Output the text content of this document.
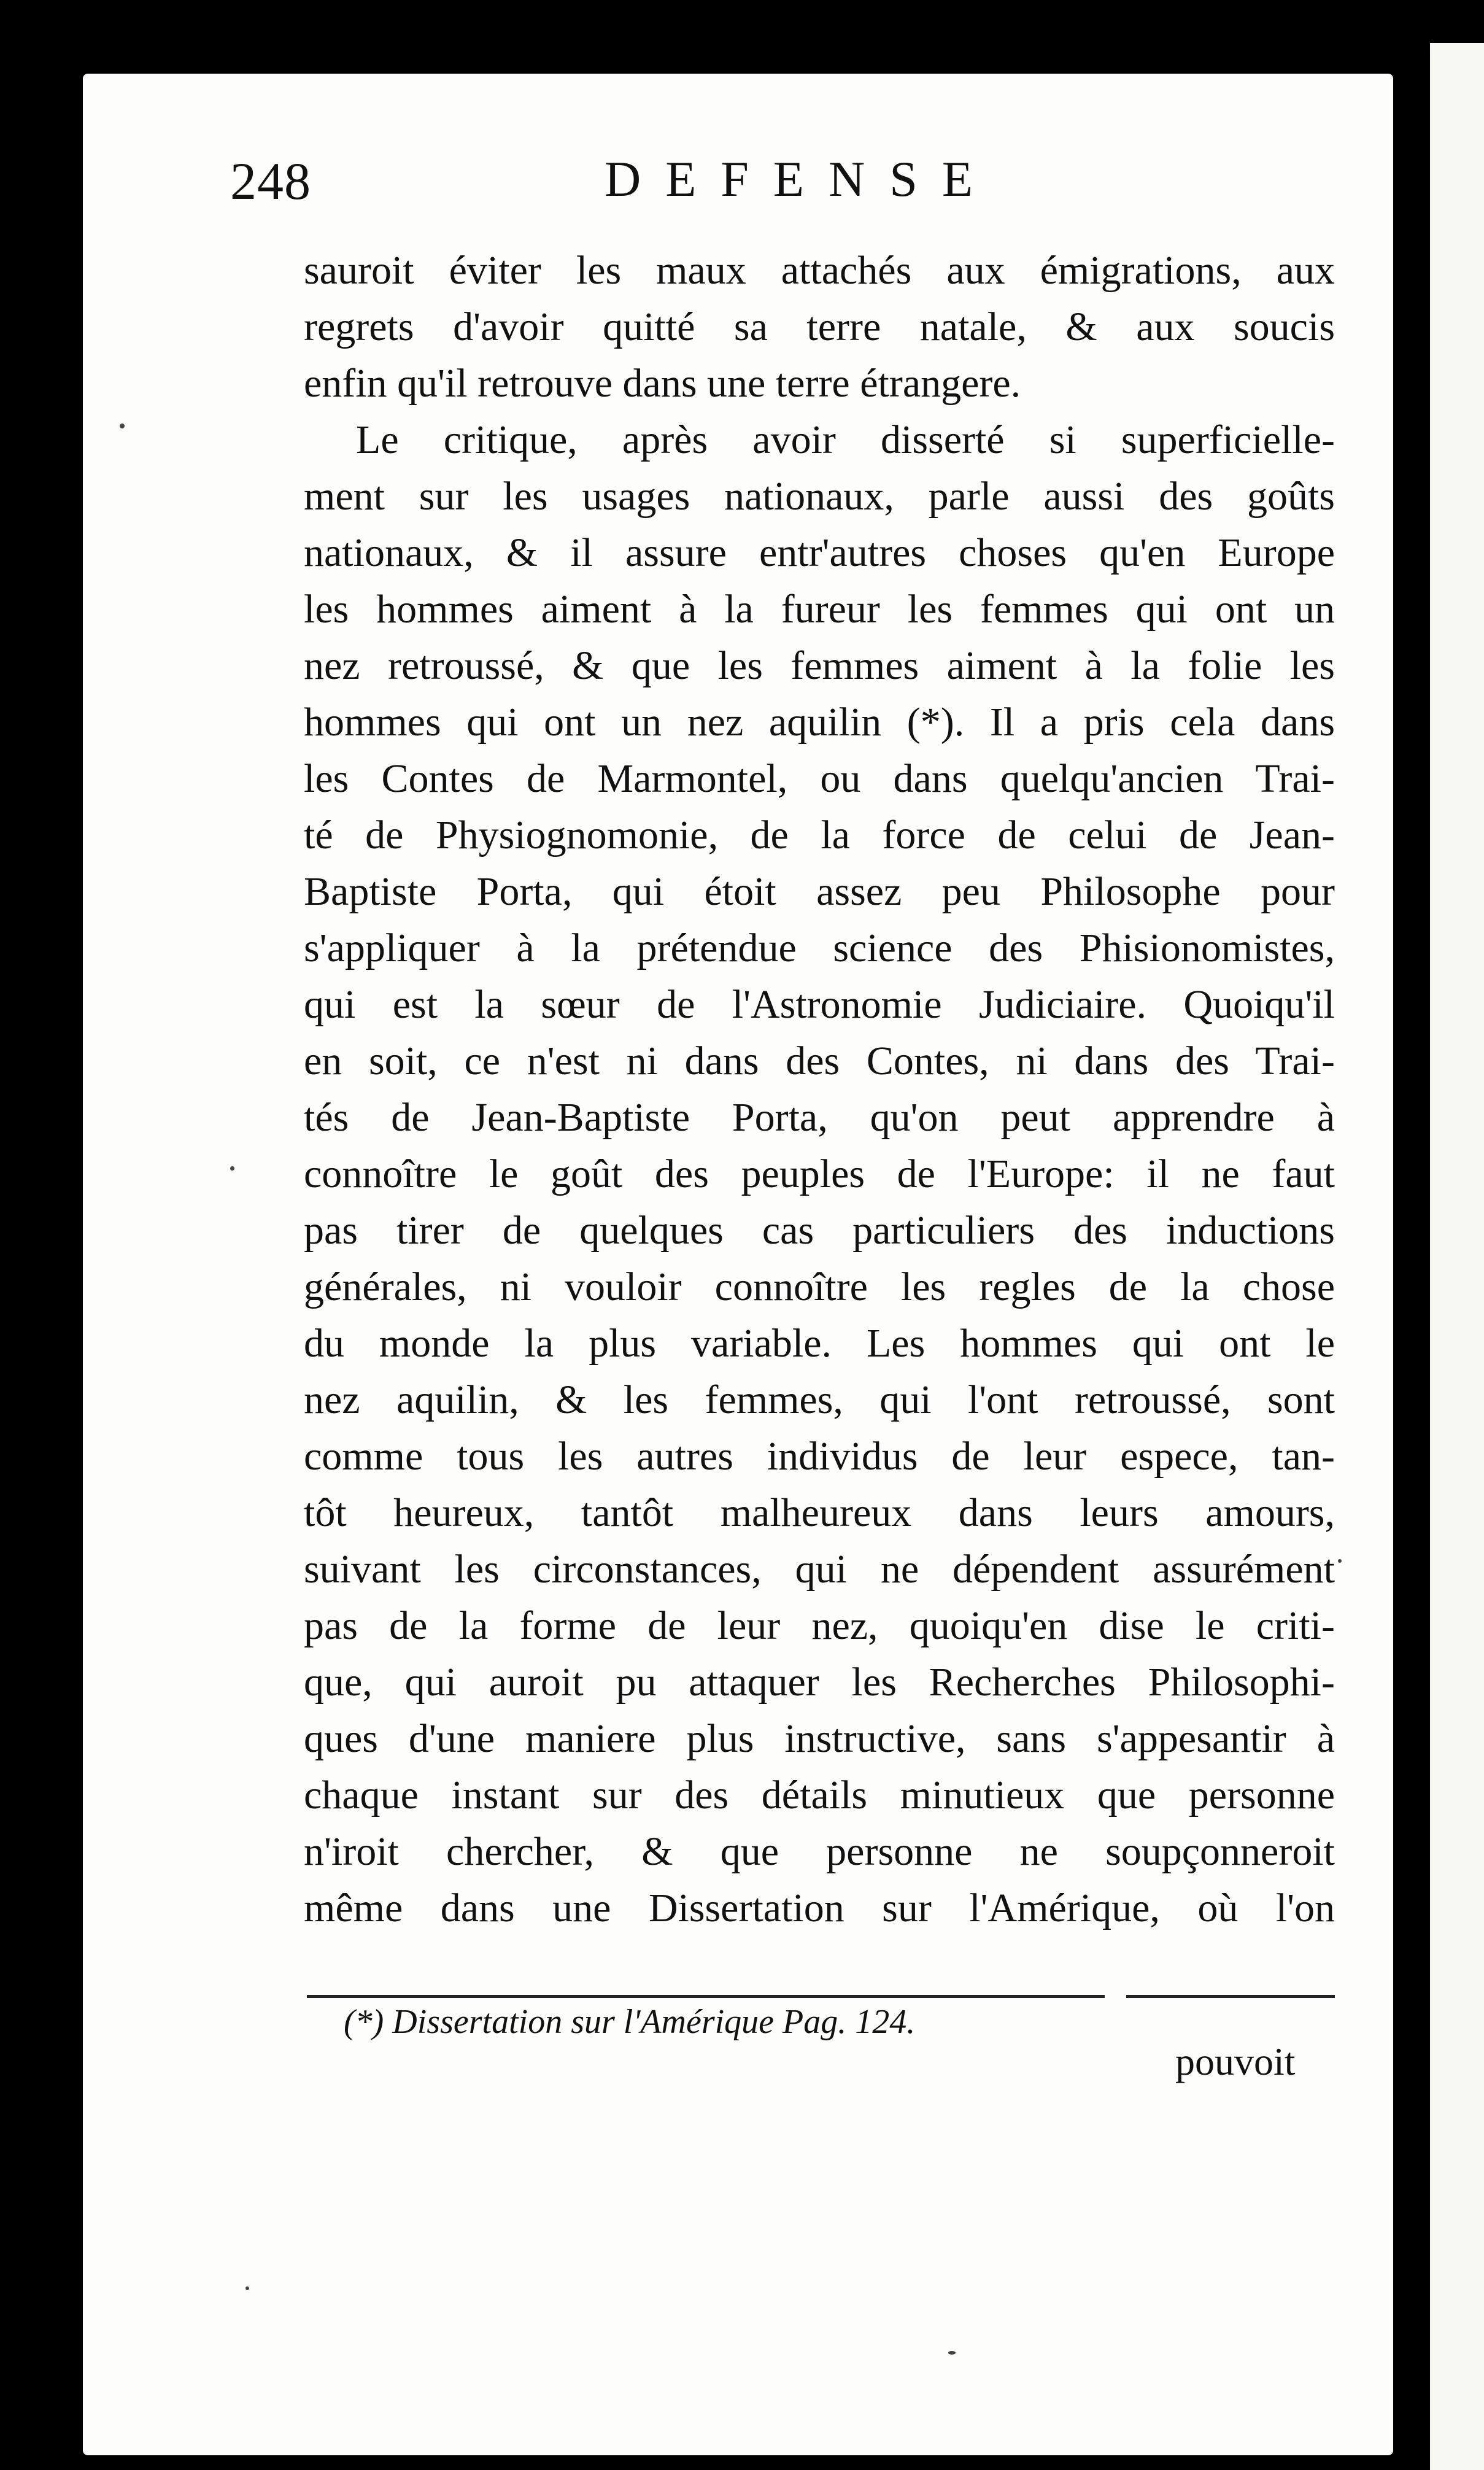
248	DEFENSE
sauroit éviter les maux attachés aux émigrations, aux
regrets d'avoir quitté sa terre natale, & aux soucis
enfin qu'il retrouve dans une terre étrangere.
Le critique, après avoir disserté si superficielle-
ment sur les usages nationaux, parle aussi des goûts
nationaux, & il assure entr'autres choses qu'en Europe
les hommes aiment à la fureur les femmes qui ont un
nez retroussé, & que les femmes aiment à la folie les
hommes qui ont un nez aquilin (*). Il a pris cela dans
les Contes de Marmontel, ou dans quelqu'ancien Trai-
té de Physiognomonie, de la force de celui de Jean-
Baptiste Porta, qui étoit assez peu Philosophe pour
s'appliquer à la prétendue science des Phisionomistes,
qui est la sœur de l'Astronomie Judiciaire. Quoiqu'il
en soit, ce n'est ni dans des Contes, ni dans des Trai-
tés de Jean-Baptiste Porta, qu'on peut apprendre à
connoître le goût des peuples de l'Europe: il ne faut
pas tirer de quelques cas particuliers des inductions
générales, ni vouloir connoître les regles de la chose
du monde la plus variable. Les hommes qui ont le
nez aquilin, & les femmes, qui l'ont retroussé, sont
comme tous les autres individus de leur espece, tan-
tôt heureux, tantôt malheureux dans leurs amours,
suivant les circonstances, qui ne dépendent assurément
pas de la forme de leur nez, quoiqu'en dise le criti-
que, qui auroit pu attaquer les Recherches Philosophi-
ques d'une maniere plus instructive, sans s'appesantir à
chaque instant sur des détails minutieux que personne
n'iroit chercher, & que personne ne soupçonneroit
même dans une Dissertation sur l'Amérique, où l'on
(*) Dissertation sur l'Amérique Pag. 124.
pouvoit
